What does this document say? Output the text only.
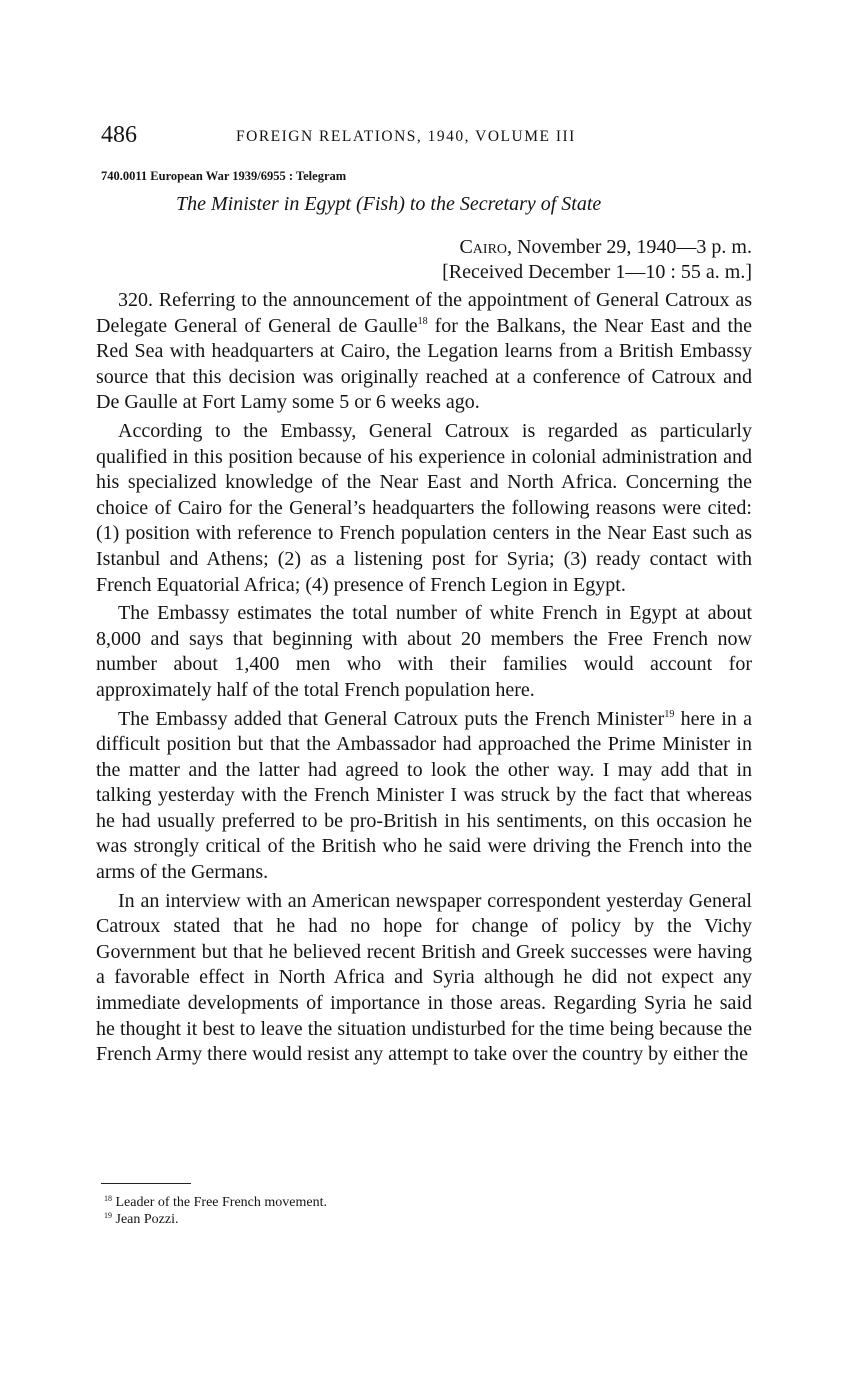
486	FOREIGN RELATIONS, 1940, VOLUME III
740.0011 European War 1939/6955 : Telegram
The Minister in Egypt (Fish) to the Secretary of State
Cairo, November 29, 1940—3 p. m.
[Received December 1—10 : 55 a. m.]

320. Referring to the announcement of the appointment of General Catroux as Delegate General of General de Gaulle$^{18}$ for the Balkans, the Near East and the Red Sea with headquarters at Cairo, the Legation learns from a British Embassy source that this decision was originally reached at a conference of Catroux and De Gaulle at Fort Lamy some 5 or 6 weeks ago.

According to the Embassy, General Catroux is regarded as particularly qualified in this position because of his experience in colonial administration and his specialized knowledge of the Near East and North Africa. Concerning the choice of Cairo for the General’s headquarters the following reasons were cited: (1) position with reference to French population centers in the Near East such as Istanbul and Athens; (2) as a listening post for Syria; (3) ready contact with French Equatorial Africa; (4) presence of French Legion in Egypt.

The Embassy estimates the total number of white French in Egypt at about 8,000 and says that beginning with about 20 members the Free French now number about 1,400 men who with their families would account for approximately half of the total French population here.

The Embassy added that General Catroux puts the French Minister$^{19}$ here in a difficult position but that the Ambassador had approached the Prime Minister in the matter and the latter had agreed to look the other way. I may add that in talking yesterday with the French Minister I was struck by the fact that whereas he had usually preferred to be pro-British in his sentiments, on this occasion he was strongly critical of the British who he said were driving the French into the arms of the Germans.

In an interview with an American newspaper correspondent yesterday General Catroux stated that he had no hope for change of policy by the Vichy Government but that he believed recent British and Greek successes were having a favorable effect in North Africa and Syria although he did not expect any immediate developments of importance in those areas. Regarding Syria he said he thought it best to leave the situation undisturbed for the time being because the French Army there would resist any attempt to take over the country by either the

$^{18}$ Leader of the Free French movement.
$^{19}$ Jean Pozzi.
